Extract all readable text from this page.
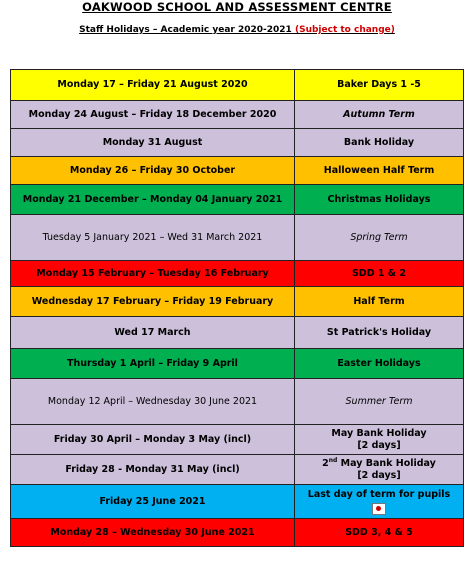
OAKWOOD SCHOOL AND ASSESSMENT CENTRE
Staff Holidays – Academic year 2020-2021 (Subject to change)
Monday 17 – Friday 21 August 2020	Baker Days 1 -5
Monday 24 August – Friday 18 December 2020	Autumn Term
Monday 31 August	Bank Holiday
Monday 26 – Friday 30 October	Halloween Half Term
Monday 21 December – Monday 04 January 2021	Christmas Holidays
Tuesday 5 January 2021 – Wed 31 March 2021	Spring Term
Monday 15 February – Tuesday 16 February	SDD 1 & 2
Wednesday 17 February – Friday 19 February	Half Term
Wed 17 March	St Patrick's Holiday
Thursday 1 April – Friday 9 April	Easter Holidays
Monday 12 April – Wednesday 30 June 2021	Summer Term
Friday 30 April – Monday 3 May (incl)	May Bank Holiday
[2 days]

Friday 28 - Monday 31 May (incl)	2nd May Bank Holiday
[2 days]

Friday 25 June 2021	Last day of term for pupils

Monday 28 – Wednesday 30 June 2021	SDD 3, 4 & 5
